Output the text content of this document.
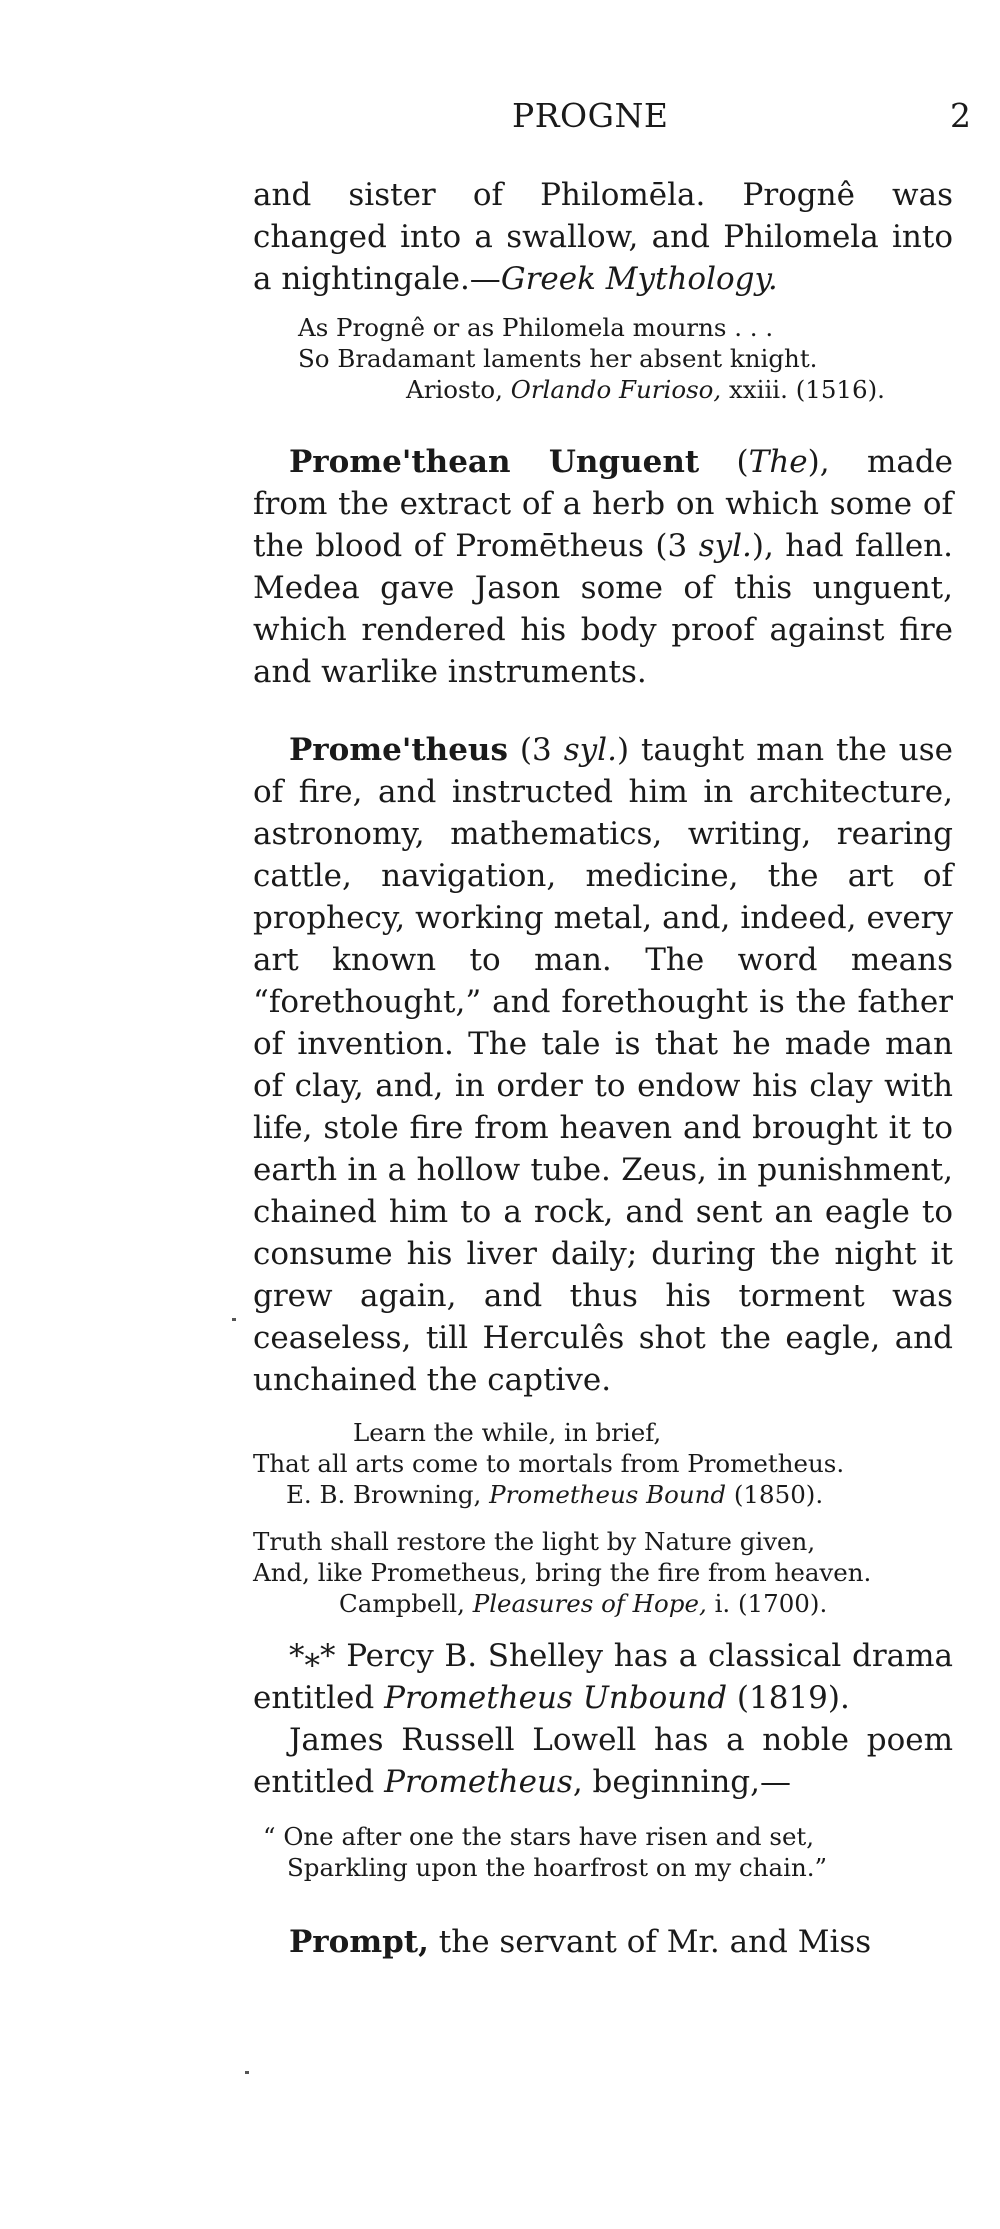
PROGNE	2

and sister of Philomēla. Prognê was changed into a swallow, and Philomela into a nightingale.—Greek Mythology.

As Prognê or as Philomela mourns . . .
So Bradamant laments her absent knight.
Ariosto, Orlando Furioso, xxiii. (1516).

Prome'thean Unguent (The), made from the extract of a herb on which some of the blood of Promētheus (3 syl.), had fallen. Medea gave Jason some of this unguent, which rendered his body proof against fire and warlike instruments.

Prome'theus (3 syl.) taught man the use of fire, and instructed him in architecture, astronomy, mathematics, writing, rearing cattle, navigation, medicine, the art of prophecy, working metal, and, indeed, every art known to man. The word means “forethought,” and forethought is the father of invention. The tale is that he made man of clay, and, in order to endow his clay with life, stole fire from heaven and brought it to earth in a hollow tube. Zeus, in punishment, chained him to a rock, and sent an eagle to consume his liver daily; during the night it grew again, and thus his torment was ceaseless, till Herculês shot the eagle, and unchained the captive.

Learn the while, in brief,
That all arts come to mortals from Prometheus.
E. B. Browning, Prometheus Bound (1850).
Truth shall restore the light by Nature given,
And, like Prometheus, bring the fire from heaven.
Campbell, Pleasures of Hope, i. (1700).

*⁎* Percy B. Shelley has a classical drama entitled Prometheus Unbound (1819).

James Russell Lowell has a noble poem entitled Prometheus, beginning,—

“ One after one the stars have risen and set,
Sparkling upon the hoarfrost on my chain.”

Prompt, the servant of Mr. and Miss
